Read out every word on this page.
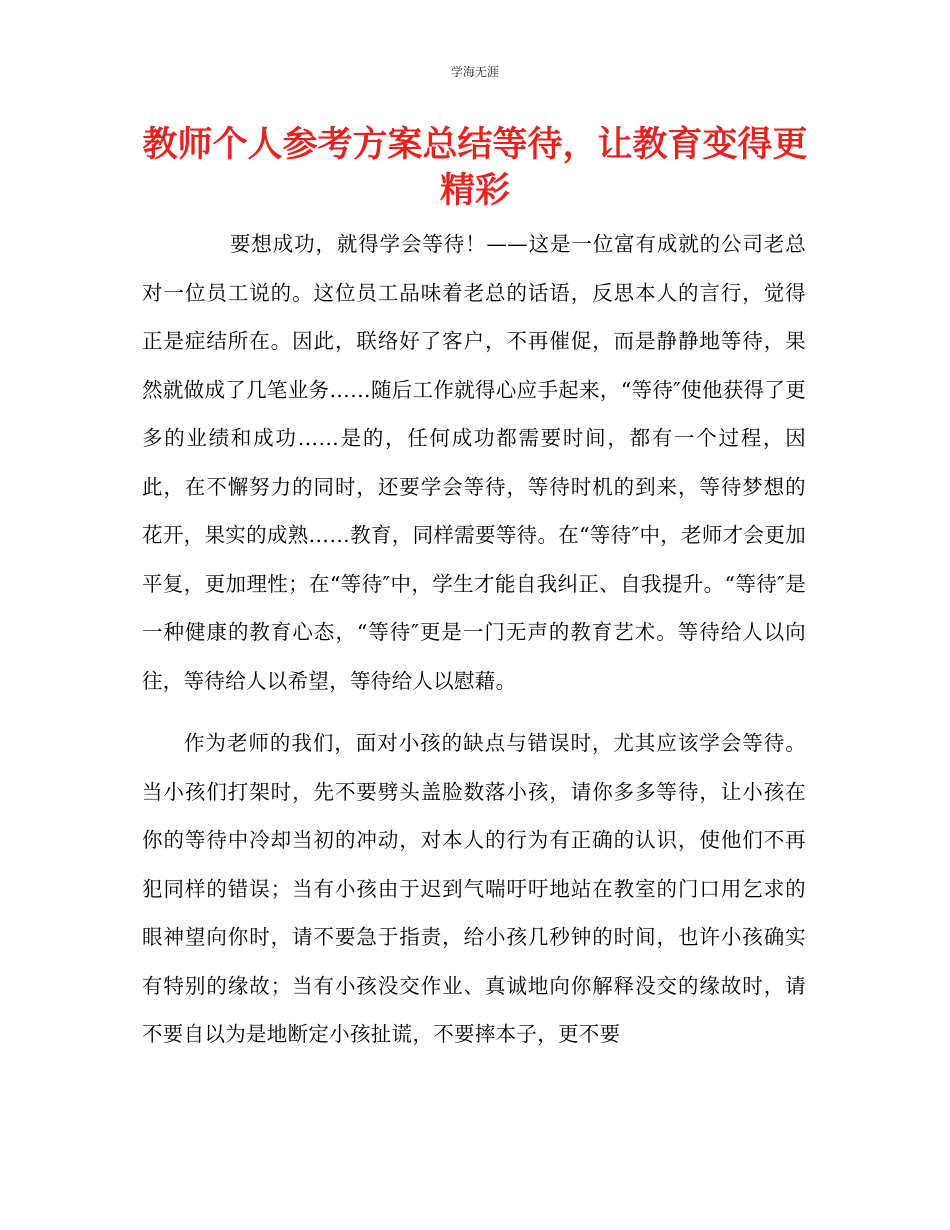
学海无涯
教师个人参考方案总结等待，让教育变得更精彩

要想成功，就得学会等待！——这是一位富有成就的公司老总对一位员工说的。这位员工品味着老总的话语，反思本人的言行，觉得正是症结所在。因此，联络好了客户，不再催促，而是静静地等待，果然就做成了几笔业务……随后工作就得心应手起来，“等待″使他获得了更多的业绩和成功……是的，任何成功都需要时间，都有一个过程，因此，在不懈努力的同时，还要学会等待，等待时机的到来，等待梦想的花开，果实的成熟……教育，同样需要等待。在“等待″中，老师才会更加平复，更加理性；在“等待″中，学生才能自我纠正、自我提升。“等待″是一种健康的教育心态，“等待″更是一门无声的教育艺术。等待给人以向往，等待给人以希望，等待给人以慰藉。

作为老师的我们，面对小孩的缺点与错误时，尤其应该学会等待。当小孩们打架时，先不要劈头盖脸数落小孩，请你多多等待，让小孩在你的等待中冷却当初的冲动，对本人的行为有正确的认识，使他们不再犯同样的错误；当有小孩由于迟到气喘吁吁地站在教室的门口用乞求的眼神望向你时，请不要急于指责，给小孩几秒钟的时间，也许小孩确实有特别的缘故；当有小孩没交作业、真诚地向你解释没交的缘故时，请不要自以为是地断定小孩扯谎，不要摔本子，更不要
